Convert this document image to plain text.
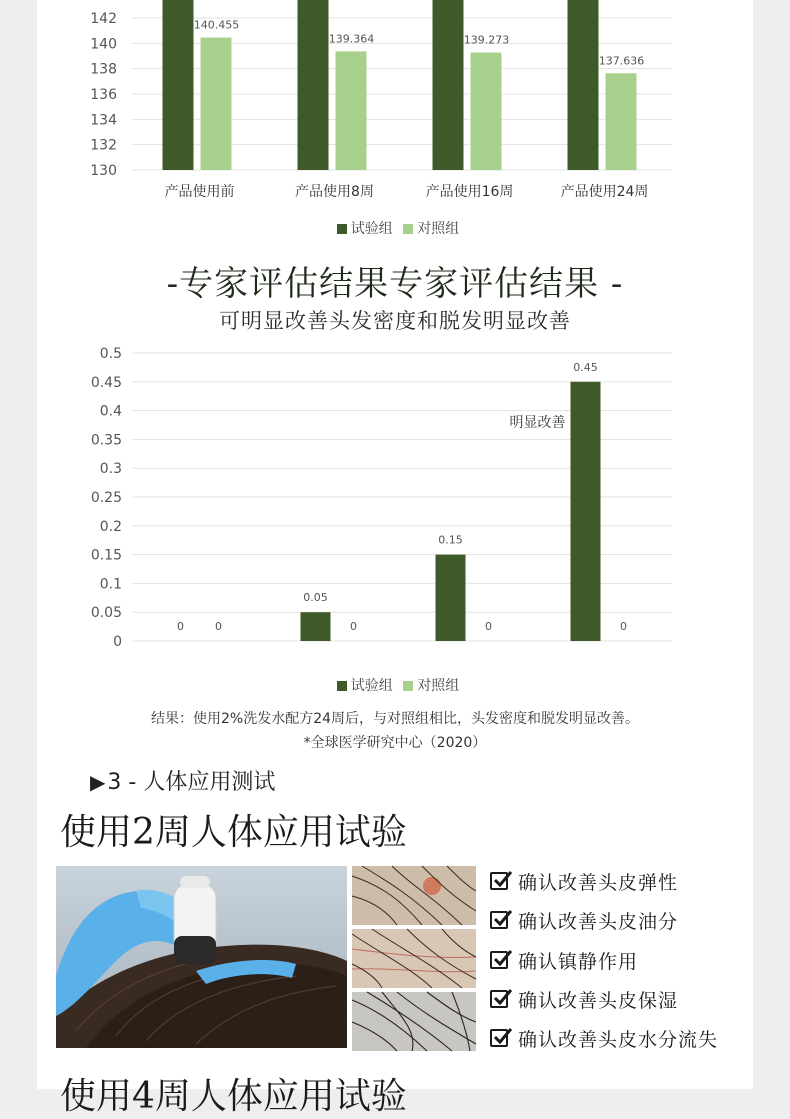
130
132
134
136
138
140
142	140.455
产品使用前
139.364
产品使用8周
139.273
产品使用16周
137.636
产品使用24周
试验组 对照组
-专家评估结果专家评估结果 -
可明显改善头发密度和脱发明显改善
0
0.05
0.1
0.15
0.2
0.25
0.3
0.35
0.4
0.45
0.5
0	0
0.05
0
0.15
0
0.45
0
明显改善
试验组 对照组
结果：使用2%洗发水配方24周后，与对照组相比，头发密度和脱发明显改善。
*全球医学研究中心（2020）
▶3 - 人体应用测试
使用2周人体应用试验
确认改善头皮弹性
确认改善头皮油分
确认镇静作用
确认改善头皮保湿
确认改善头皮水分流失
使用4周人体应用试验
